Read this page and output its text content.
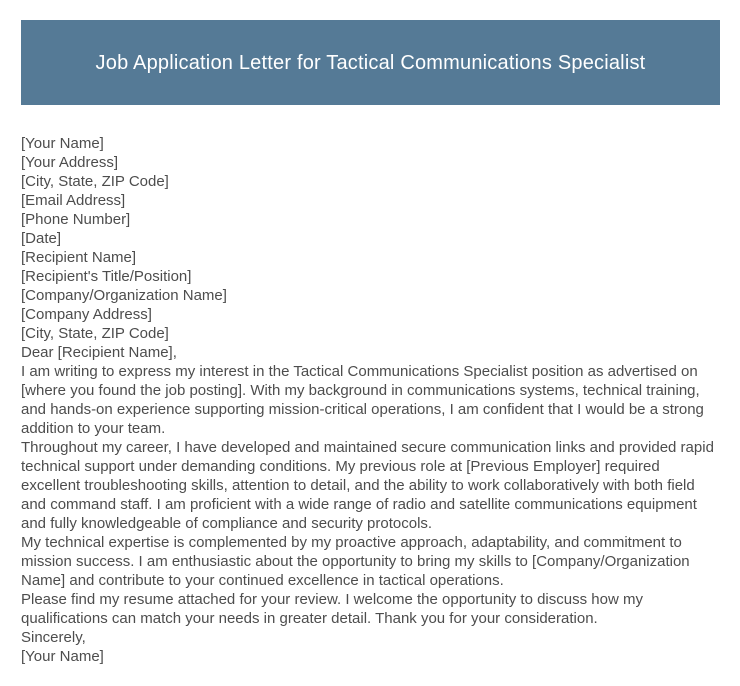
Job Application Letter for Tactical Communications Specialist

[Your Name]

[Your Address]

[City, State, ZIP Code]

[Email Address]

[Phone Number]

[Date]

[Recipient Name]

[Recipient's Title/Position]

[Company/Organization Name]

[Company Address]

[City, State, ZIP Code]

Dear [Recipient Name],

I am writing to express my interest in the Tactical Communications Specialist position as advertised on [where you found the job posting]. With my background in communications systems, technical training, and hands-on experience supporting mission-critical operations, I am confident that I would be a strong addition to your team.

Throughout my career, I have developed and maintained secure communication links and provided rapid technical support under demanding conditions. My previous role at [Previous Employer] required excellent troubleshooting skills, attention to detail, and the ability to work collaboratively with both field and command staff. I am proficient with a wide range of radio and satellite communications equipment and fully knowledgeable of compliance and security protocols.

My technical expertise is complemented by my proactive approach, adaptability, and commitment to mission success. I am enthusiastic about the opportunity to bring my skills to [Company/Organization Name] and contribute to your continued excellence in tactical operations.

Please find my resume attached for your review. I welcome the opportunity to discuss how my qualifications can match your needs in greater detail. Thank you for your consideration.

Sincerely,

[Your Name]
